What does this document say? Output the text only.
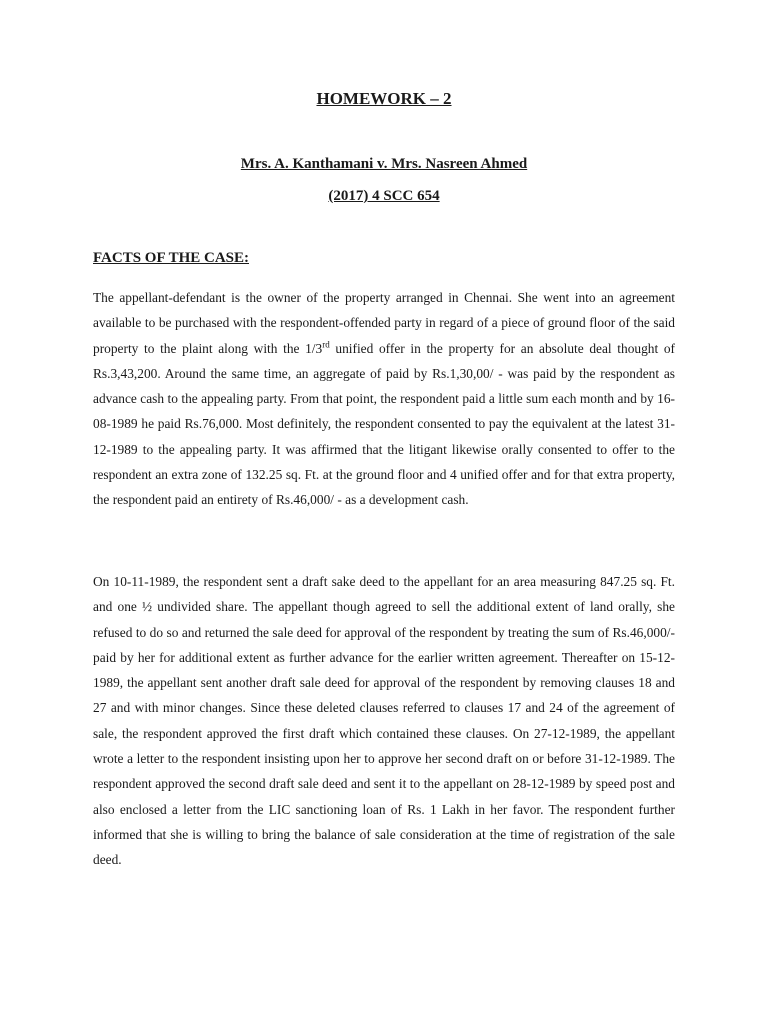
HOMEWORK – 2
Mrs. A. Kanthamani v. Mrs. Nasreen Ahmed
(2017) 4 SCC 654
FACTS OF THE CASE:

The appellant-defendant is the owner of the property arranged in Chennai. She went into an agreement available to be purchased with the respondent-offended party in regard of a piece of ground floor of the said property to the plaint along with the 1/3rd unified offer in the property for an absolute deal thought of Rs.3,43,200. Around the same time, an aggregate of paid by Rs.1,30,00/ - was paid by the respondent as advance cash to the appealing party. From that point, the respondent paid a little sum each month and by 16-08-1989 he paid Rs.76,000. Most definitely, the respondent consented to pay the equivalent at the latest 31-12-1989 to the appealing party. It was affirmed that the litigant likewise orally consented to offer to the respondent an extra zone of 132.25 sq. Ft. at the ground floor and 4 unified offer and for that extra property, the respondent paid an entirety of Rs.46,000/ - as a development cash.

On 10-11-1989, the respondent sent a draft sake deed to the appellant for an area measuring 847.25 sq. Ft. and one ½ undivided share. The appellant though agreed to sell the additional extent of land orally, she refused to do so and returned the sale deed for approval of the respondent by treating the sum of Rs.46,000/- paid by her for additional extent as further advance for the earlier written agreement. Thereafter on 15-12-1989, the appellant sent another draft sale deed for approval of the respondent by removing clauses 18 and 27 and with minor changes. Since these deleted clauses referred to clauses 17 and 24 of the agreement of sale, the respondent approved the first draft which contained these clauses. On 27-12-1989, the appellant wrote a letter to the respondent insisting upon her to approve her second draft on or before 31-12-1989. The respondent approved the second draft sale deed and sent it to the appellant on 28-12-1989 by speed post and also enclosed a letter from the LIC sanctioning loan of Rs. 1 Lakh in her favor. The respondent further informed that she is willing to bring the balance of sale consideration at the time of registration of the sale deed.
